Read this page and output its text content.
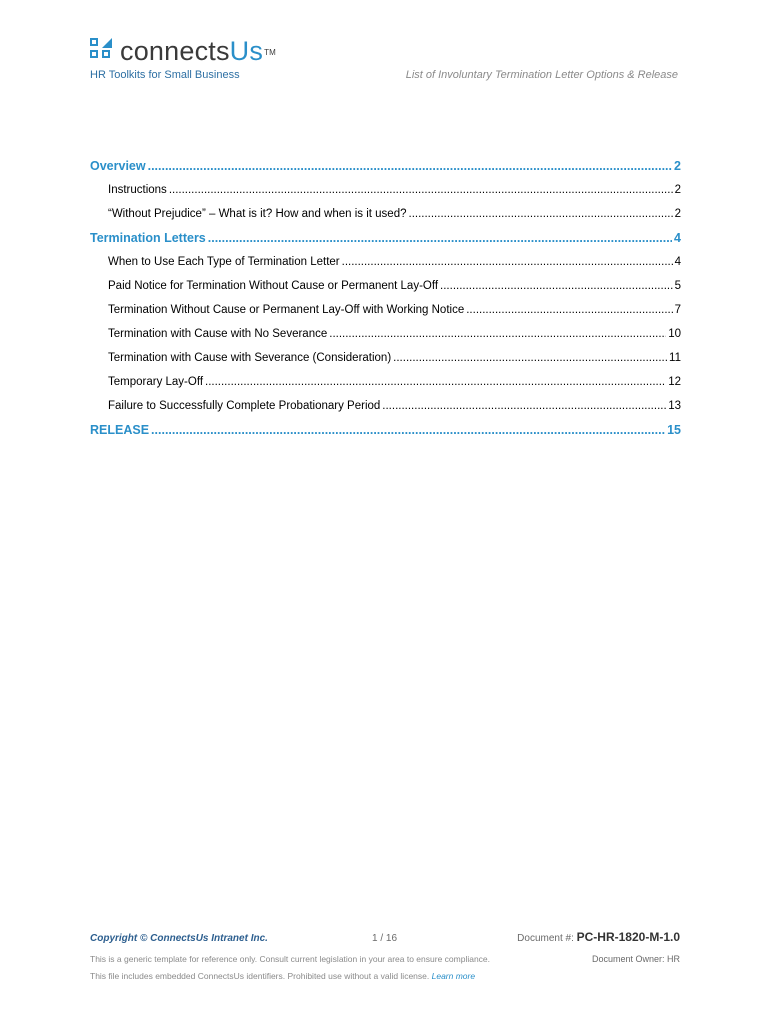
connectsUs™
HR Toolkits for Small Business	List of Involuntary Termination Letter Options & Release
Overview .....	2
Instructions .....	2
“Without Prejudice” – What is it? How and when is it used? .....	2
Termination Letters .....	4
When to Use Each Type of Termination Letter .....	4
Paid Notice for Termination Without Cause or Permanent Lay-Off .....	5
Termination Without Cause or Permanent Lay-Off with Working Notice .....	7
Termination with Cause with No Severance .....	10
Termination with Cause with Severance (Consideration) .....	11
Temporary Lay-Off .....	12
Failure to Successfully Complete Probationary Period .....	13
RELEASE .....	15
Copyright © ConnectsUs Intranet Inc.	1 / 16	Document #: PC-HR-1820-M-1.0
This is a generic template for reference only. Consult current legislation in your area to ensure compliance.	Document Owner: HR
This file includes embedded ConnectsUs identifiers. Prohibited use without a valid license. Learn more
